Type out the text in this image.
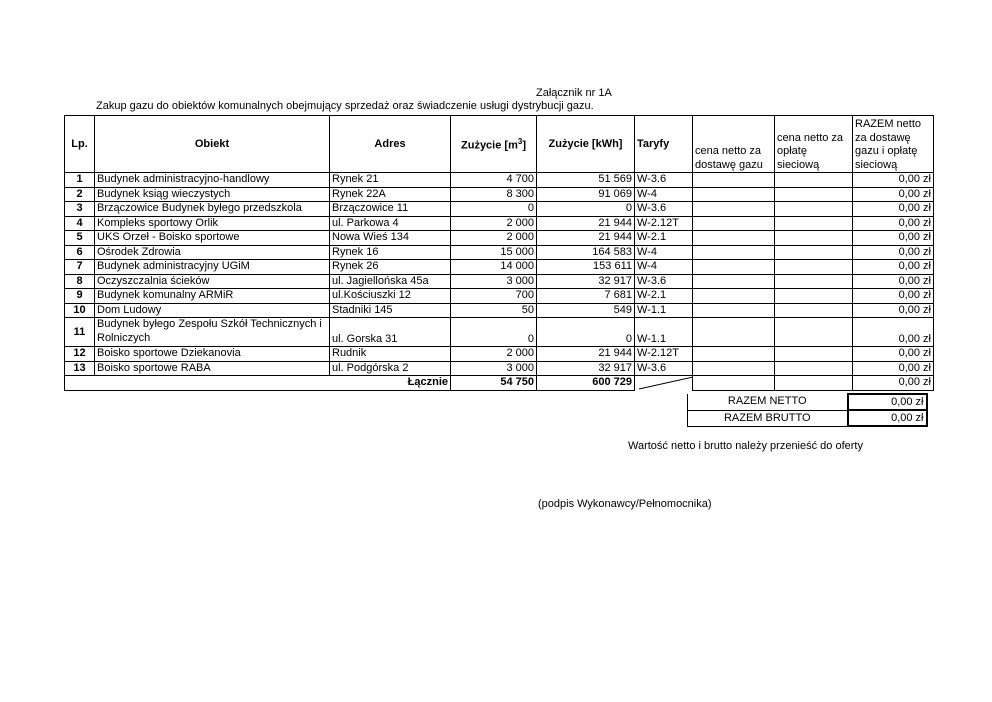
Załącznik nr 1A
Zakup gazu do obiektów komunalnych obejmujący sprzedaż oraz świadczenie usługi dystrybucji gazu.
Lp.	Obiekt	Adres	Zużycie $[m^3]$	Zużycie [kWh]	Taryfy	cena netto za dostawę gazu	cena netto za opłatę sieciową	RAZEM netto za dostawę gazu i opłatę sieciową
1	Budynek administracyjno-handlowy	Rynek 21	4 700	51 569	W-3.6			0,00 zł
2	Budynek ksiąg wieczystych	Rynek 22A	8 300	91 069	W-4			0,00 zł
3	Brzączowice Budynek byłego przedszkola	Brzączowice 11	0	0	W-3.6			0,00 zł
4	Kompleks sportowy Orlik	ul. Parkowa 4	2 000	21 944	W-2.12T			0,00 zł
5	UKS Orzeł - Boisko sportowe	Nowa Wieś 134	2 000	21 944	W-2.1			0,00 zł
6	Ośrodek Zdrowia	Rynek 16	15 000	164 583	W-4			0,00 zł
7	Budynek administracyjny UGiM	Rynek 26	14 000	153 611	W-4			0,00 zł
8	Oczyszczalnia ścieków	ul. Jagiellońska 45a	3 000	32 917	W-3.6			0,00 zł
9	Budynek komunalny ARMiR	ul.Kościuszki 12	700	7 681	W-2.1			0,00 zł
10	Dom Ludowy	Stadniki 145	50	549	W-1.1			0,00 zł
11	Budynek byłego Zespołu Szkół Technicznych i Rolniczych	ul. Gorska 31	0	0	W-1.1			0,00 zł
12	Boisko sportowe Dziekanovia	Rudnik	2 000	21 944	W-2.12T			0,00 zł
13	Boisko sportowe RABA	ul. Podgórska 2	3 000	32 917	W-3.6			0,00 zł
Łącznie			54 750	600 729				0,00 zł
RAZEM NETTO	0,00 zł
RAZEM BRUTTO	0,00 zł
Wartość netto i brutto należy przenieść do oferty
(podpis Wykonawcy/Pełnomocnika)
